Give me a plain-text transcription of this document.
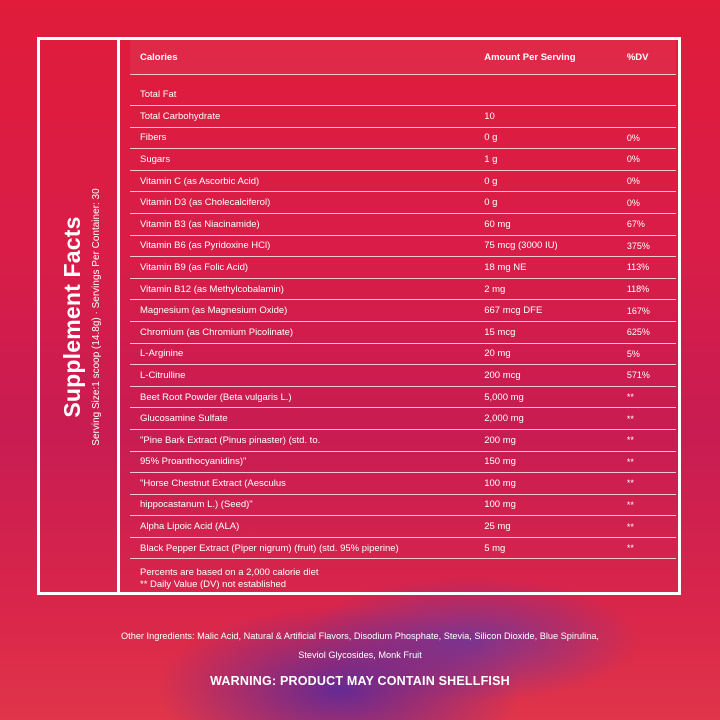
Supplement Facts Serving Size:1 scoop (14.8g) · Servings Per Container: 30
Calories	Amount Per Serving	%DV
Total Fat
Total Carbohydrate	10
Fibers	0 g	0%
Sugars	1 g	0%
Vitamin C (as Ascorbic Acid)	0 g	0%
Vitamin D3 (as Cholecalciferol)	0 g	0%
Vitamin B3 (as Niacinamide)	60 mg	67%
Vitamin B6 (as Pyridoxine HCl)	75 mcg (3000 IU)	375%
Vitamin B9 (as Folic Acid)	18 mg NE	113%
Vitamin B12 (as Methylcobalamin)	2 mg	118%
Magnesium (as Magnesium Oxide)	667 mcg DFE	167%
Chromium (as Chromium Picolinate)	15 mcg	625%
L-Arginine	20 mg	5%
L-Citrulline	200 mcg	571%
Beet Root Powder (Beta vulgaris L.)	5,000 mg	**
Glucosamine Sulfate	2,000 mg	**
"Pine Bark Extract (Pinus pinaster) (std. to.	200 mg	**
95% Proanthocyanidins)"	150 mg	**
"Horse Chestnut Extract (Aesculus	100 mg	**
hippocastanum L.) (Seed)"	100 mg	**
Alpha Lipoic Acid (ALA)	25 mg	**
Black Pepper Extract (Piper nigrum) (fruit) (std. 95% piperine)	5 mg	**
Percents are based on a 2,000 calorie diet
** Daily Value (DV) not established
Other Ingredients: Malic Acid, Natural & Artificial Flavors, Disodium Phosphate, Stevia, Silicon Dioxide, Blue Spirulina,
Steviol Glycosides, Monk Fruit
WARNING: PRODUCT MAY CONTAIN SHELLFISH
